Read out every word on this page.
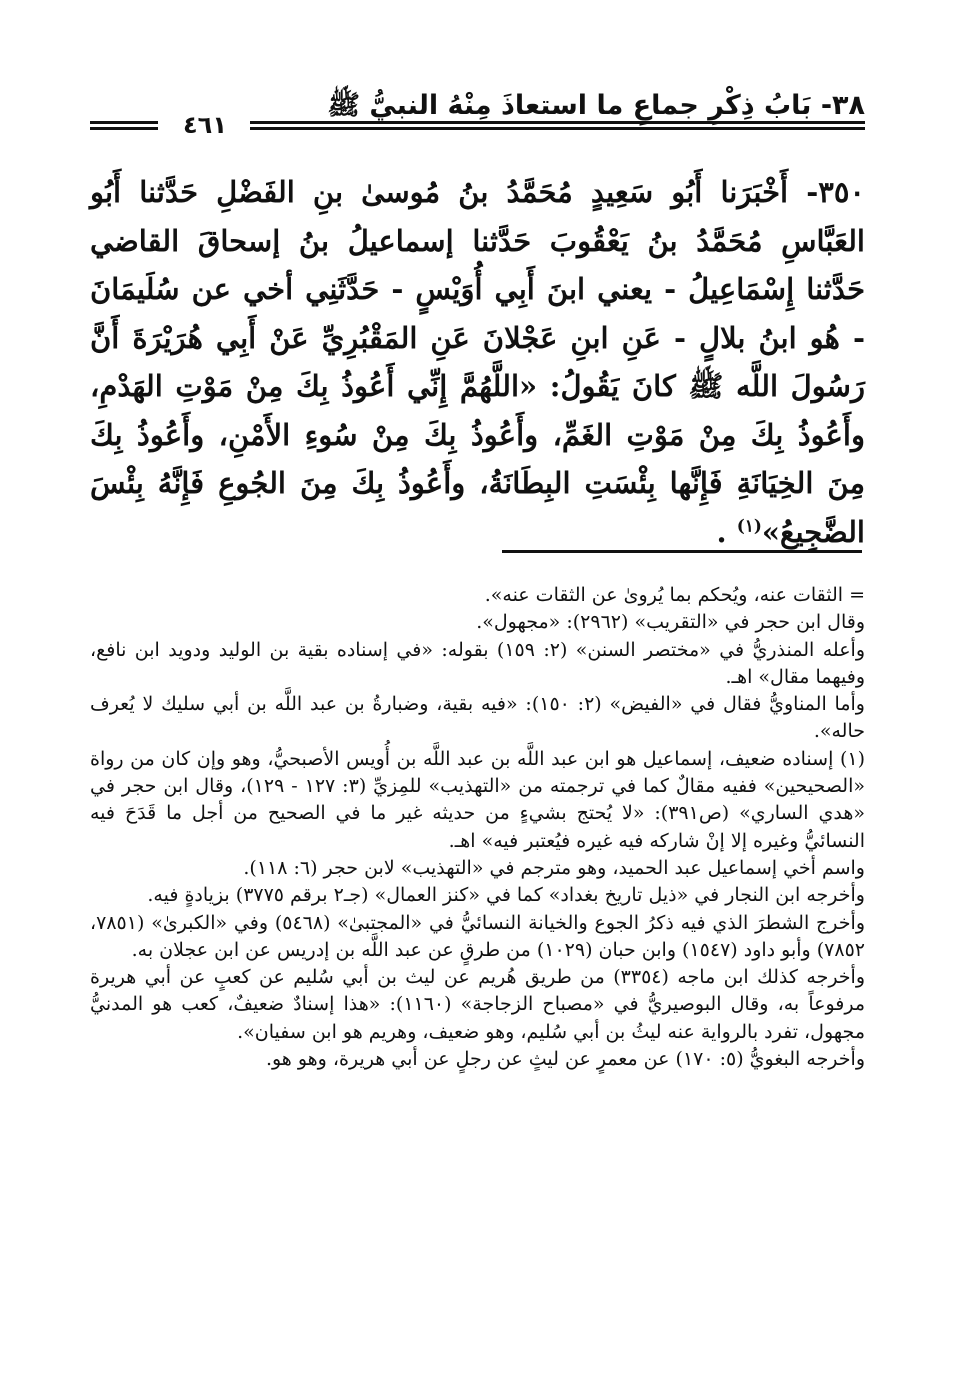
٣٨- بَابُ ذِكْرِ جماعِ ما استعاذَ مِنْهُ النبيُّ ﷺ
٤٦١
٣٥٠- أَخْبَرَنا أَبُو سَعِيدٍ مُحَمَّدُ بنُ مُوسىٰ بنِ الفَضْلِ حَدَّثنا أَبُو العَبَّاسِ مُحَمَّدُ بنُ يَعْقُوبَ حَدَّثنا إسماعيلُ بنُ إسحاقَ القاضي حَدَّثنا إِسْمَاعِيلُ - يعني ابنَ أَبِي أُوَيْسٍ - حَدَّثَنِي أخي عن سُلَيمَانَ - هُو ابنُ بلالٍ - عَنِ ابنِ عَجْلانَ عَنِ المَقْبُرِيِّ عَنْ أَبِي هُرَيْرَةَ أَنَّ رَسُولَ اللَّه ﷺ كانَ يَقُولُ: «اللَّهُمَّ إِنِّي أَعُوذُ بِكَ مِنْ مَوْتِ الهَدْمِ، وأَعُوذُ بِكَ مِنْ مَوْتِ الغَمِّ، وأَعُوذُ بِكَ مِنْ سُوءِ الأَمْنِ، وأَعُوذُ بِكَ مِنَ الخِيَانَةِ فَإِنَّها بِئْسَتِ البِطَانَةُ، وأَعُوذُ بِكَ مِنَ الجُوعِ فَإِنَّهُ بِئْسَ الضَّجِيعُ»$^{(١)}$ .

= الثقات عنه، ويُحكم بما يُروىٰ عن الثقات عنه».

وقال ابن حجر في «التقريب» (٢٩٦٢): «مجهول».

وأعله المنذريُّ في «مختصر السنن» (٢: ١٥٩) بقوله: «في إسناده بقية بن الوليد ودويد ابن نافع، وفيهما مقال» اهـ.

وأما المناويُّ فقال في «الفيض» (٢: ١٥٠): «فيه بقية، وضبارةُ بن عبد اللَّه بن أبي سليك لا يُعرف حاله».

(١) إسناده ضعيف، إسماعيل هو ابن عبد اللَّه بن عبد اللَّه بن أُويس الأصبحيُّ، وهو وإن كان من رواة «الصحيحين» ففيه مقالٌ كما في ترجمته من «التهذيب» للمِزيِّ (٣: ١٢٧ - ١٢٩)، وقال ابن حجر في «هدي الساري» (ص٣٩١): «لا يُحتج بشيءٍ من حديثه غير ما في الصحيح من أجل ما قَدَحَ فيه النسائيُّ وغيره إلا إنْ شاركه فيه غيره فيُعتبر فيه» اهـ.

واسم أخي إسماعيل عبد الحميد، وهو مترجم في «التهذيب» لابن حجر (٦: ١١٨).

وأخرجه ابن النجار في «ذيل تاريخ بغداد» كما في «كنز العمال» (جـ٢ برقم ٣٧٧٥) بزيادةٍ فيه.

وأخرج الشطرَ الذي فيه ذكرُ الجوع والخيانة النسائيُّ في «المجتبىٰ» (٥٤٦٨) وفي «الكبرىٰ» (٧٨٥١، ٧٨٥٢) وأبو داود (١٥٤٧) وابن حبان (١٠٢٩) من طرقٍ عن عبد اللَّه بن إدريس عن ابن عجلان به.

وأخرجه كذلك ابن ماجه (٣٣٥٤) من طريق هُريم عن ليث بن أبي سُليم عن كعبٍ عن أبي هريرة مرفوعاً به، وقال البوصيريُّ في «مصباح الزجاجة» (١١٦٠): «هذا إسنادٌ ضعيفٌ، كعب هو المدنيُّ مجهول، تفرد بالرواية عنه ليثُ بن أبي سُليم، وهو ضعيف، وهريم هو ابن سفيان».

وأخرجه البغويُّ (٥: ١٧٠) عن معمرٍ عن ليثٍ عن رجلٍ عن أبي هريرة، وهو هو.
